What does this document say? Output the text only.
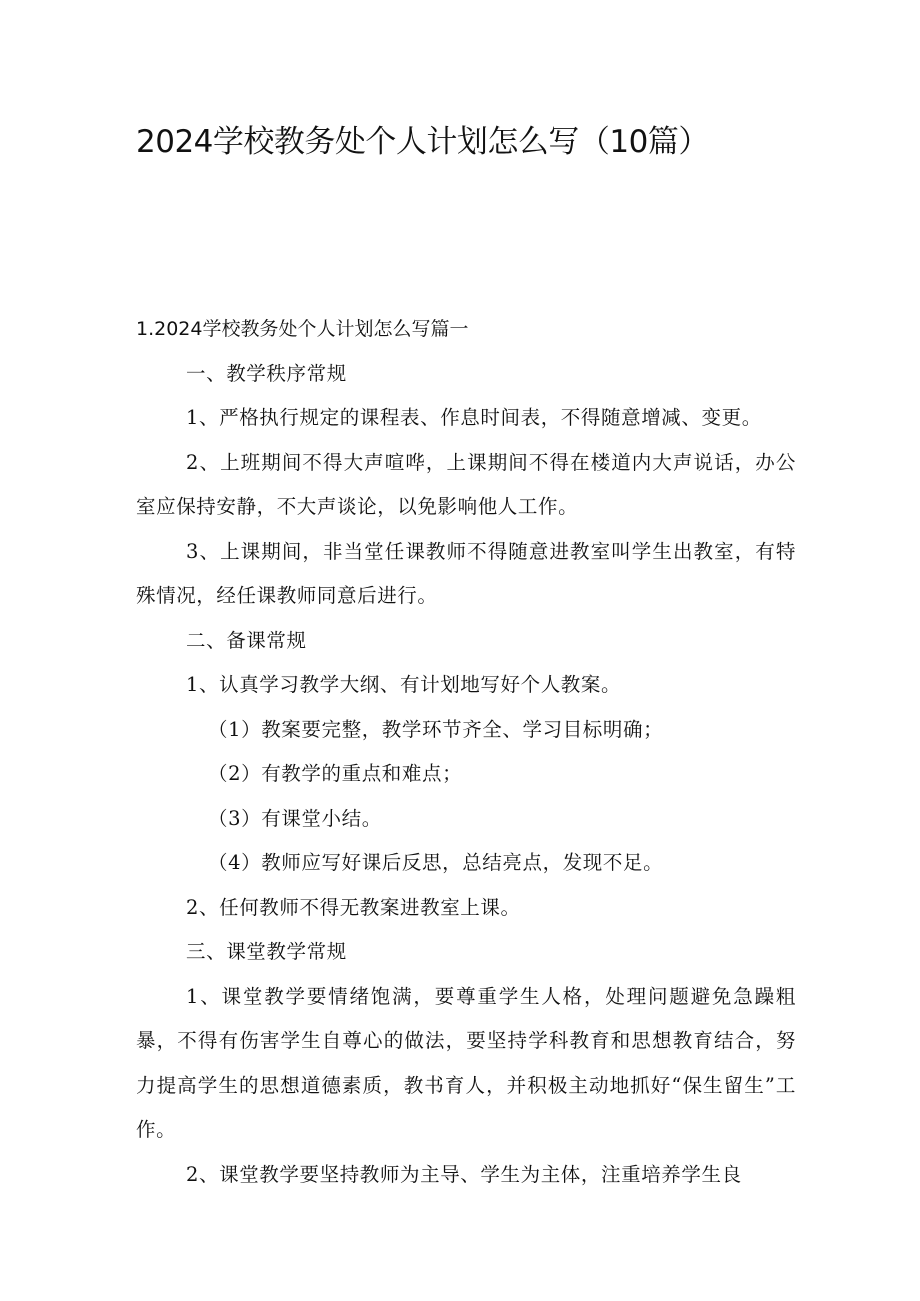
2024学校教务处个人计划怎么写（10篇）

1.2024学校教务处个人计划怎么写篇一

一、教学秩序常规

1、严格执行规定的课程表、作息时间表，不得随意增减、变更。

2、上班期间不得大声喧哗，上课期间不得在楼道内大声说话，办公室应保持安静，不大声谈论，以免影响他人工作。

3、上课期间，非当堂任课教师不得随意进教室叫学生出教室，有特殊情况，经任课教师同意后进行。

二、备课常规

1、认真学习教学大纲、有计划地写好个人教案。

（1）教案要完整，教学环节齐全、学习目标明确；

（2）有教学的重点和难点；

（3）有课堂小结。

（4）教师应写好课后反思，总结亮点，发现不足。

2、任何教师不得无教案进教室上课。

三、课堂教学常规

1、课堂教学要情绪饱满，要尊重学生人格，处理问题避免急躁粗暴，不得有伤害学生自尊心的做法，要坚持学科教育和思想教育结合，努力提高学生的思想道德素质，教书育人，并积极主动地抓好“保生留生”工作。

2、课堂教学要坚持教师为主导、学生为主体，注重培养学生良
